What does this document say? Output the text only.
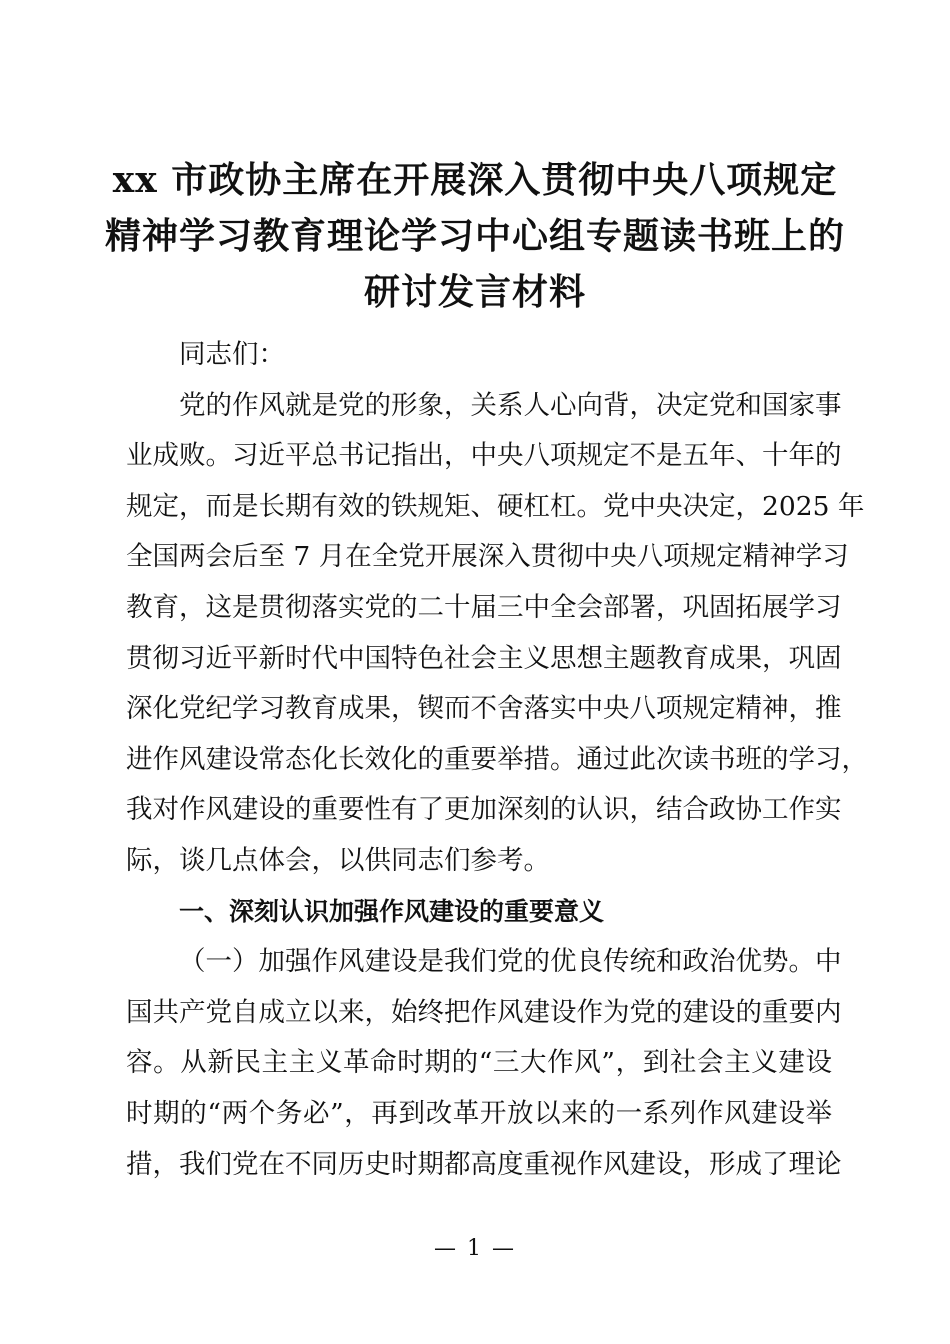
xx 市政协主席在开展深入贯彻中央八项规定
精神学习教育理论学习中心组专题读书班上的
研讨发言材料
同志们：
党的作风就是党的形象，关系人心向背，决定党和国家事
业成败。习近平总书记指出，中央八项规定不是五年、十年的
规定，而是长期有效的铁规矩、硬杠杠。党中央决定，2025 年
全国两会后至 7 月在全党开展深入贯彻中央八项规定精神学习
教育，这是贯彻落实党的二十届三中全会部署，巩固拓展学习
贯彻习近平新时代中国特色社会主义思想主题教育成果，巩固
深化党纪学习教育成果，锲而不舍落实中央八项规定精神，推
进作风建设常态化长效化的重要举措。通过此次读书班的学习，
我对作风建设的重要性有了更加深刻的认识，结合政协工作实
际，谈几点体会，以供同志们参考。
一、深刻认识加强作风建设的重要意义
（一）加强作风建设是我们党的优良传统和政治优势。中
国共产党自成立以来，始终把作风建设作为党的建设的重要内
容。从新民主主义革命时期的“三大作风”，到社会主义建设
时期的“两个务必”，再到改革开放以来的一系列作风建设举
措，我们党在不同历史时期都高度重视作风建设，形成了理论
— 1 —
